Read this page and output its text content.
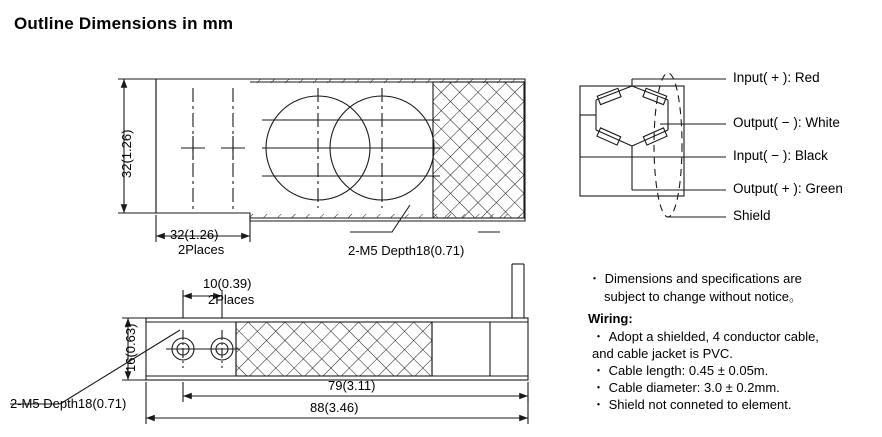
Outline Dimensions in mm
32(1.26)
32(1.26)
2Places	2-M5 Depth18(0.71)
10(0.39)
2Places
16(0.63)
2-M5 Depth18(0.71)
79(3.11)
88(3.46)
Input( + ): Red
Output( − ): White
Input( − ): Black
Output( + ): Green
Shield
・ Dimensions and specifications are
subject to change without notice。
Wiring:
・ Adopt a shielded, 4 conductor cable,
and cable jacket is PVC.
・ Cable length: 0.45 ± 0.05m.
・ Cable diameter: 3.0 ± 0.2mm.
・ Shield not conneted to element.
